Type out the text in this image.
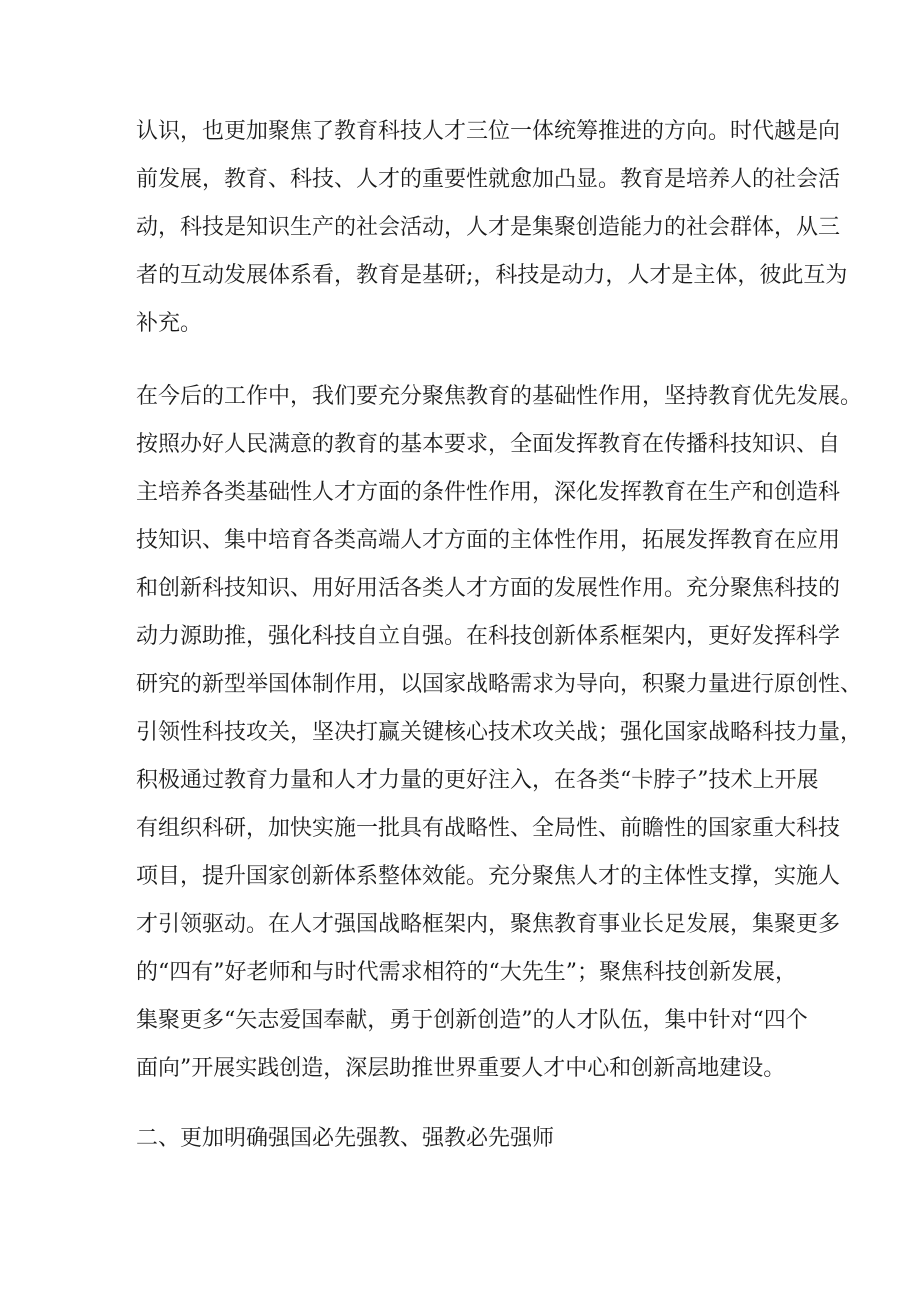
认识，也更加聚焦了教育科技人才三位一体统筹推进的方向。时代越是向
前发展，教育、科技、人才的重要性就愈加凸显。教育是培养人的社会活
动，科技是知识生产的社会活动，人才是集聚创造能力的社会群体，从三
者的互动发展体系看，教育是基研;，科技是动力，人才是主体，彼此互为
补充。
在今后的工作中，我们要充分聚焦教育的基础性作用，坚持教育优先发展。
按照办好人民满意的教育的基本要求，全面发挥教育在传播科技知识、自
主培养各类基础性人才方面的条件性作用，深化发挥教育在生产和创造科
技知识、集中培育各类高端人才方面的主体性作用，拓展发挥教育在应用
和创新科技知识、用好用活各类人才方面的发展性作用。充分聚焦科技的
动力源助推，强化科技自立自强。在科技创新体系框架内，更好发挥科学
研究的新型举国体制作用，以国家战略需求为导向，积聚力量进行原创性、
引领性科技攻关，坚决打赢关键核心技术攻关战；强化国家战略科技力量，
积极通过教育力量和人才力量的更好注入，在各类“卡脖子”技术上开展
有组织科研，加快实施一批具有战略性、全局性、前瞻性的国家重大科技
项目，提升国家创新体系整体效能。充分聚焦人才的主体性支撑，实施人
才引领驱动。在人才强国战略框架内，聚焦教育事业长足发展，集聚更多
的“四有”好老师和与时代需求相符的“大先生”；聚焦科技创新发展，
集聚更多“矢志爱国奉献，勇于创新创造”的人才队伍，集中针对“四个
面向”开展实践创造，深层助推世界重要人才中心和创新高地建设。
二、更加明确强国必先强教、强教必先强师
